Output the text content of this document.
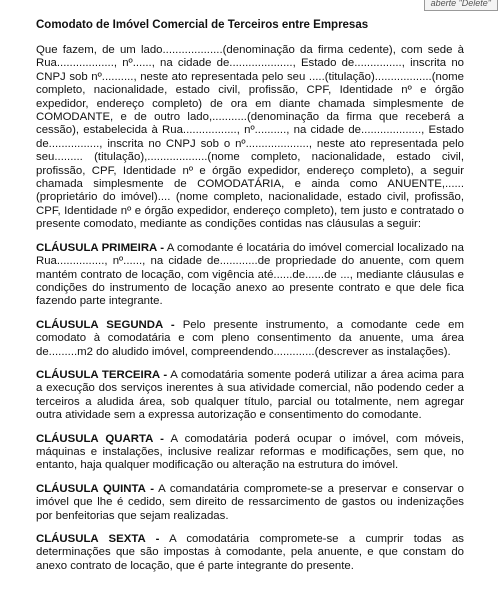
aberte "Delete"
Comodato de Imóvel Comercial de Terceiros entre Empresas

Que fazem, de um lado...................(denominação da firma cedente), com sede à Rua.................., nº......, na cidade de...................., Estado de..............., inscrita no CNPJ sob nº.........., neste ato representada pelo seu .....(titulação)..................(nome completo, nacionalidade, estado civil, profissão, CPF, Identidade nº e órgão expedidor, endereço completo) de ora em diante chamada simplesmente de COMODANTE, e de outro lado,...........(denominação da firma que receberá a cessão), estabelecida à Rua................., nº.........., na cidade de..................., Estado de................, inscrita no CNPJ sob o nº...................., neste ato representada pelo seu......... (titulação),...................(nome completo, nacionalidade, estado civil, profissão, CPF, Identidade nº e órgão expedidor, endereço completo), a seguir chamada simplesmente de COMODATÁRIA, e ainda como ANUENTE,...... (proprietário do imóvel).... (nome completo, nacionalidade, estado civil, profissão, CPF, Identidade nº e órgão expedidor, endereço completo), tem justo e contratado o presente comodato, mediante as condições contidas nas cláusulas a seguir:

CLÁUSULA PRIMEIRA - A comodante é locatária do imóvel comercial localizado na Rua..............., nº......, na cidade de............de propriedade do anuente, com quem mantém contrato de locação, com vigência até......de......de ..., mediante cláusulas e condições do instrumento de locação anexo ao presente contrato e que dele fica fazendo parte integrante.

CLÁUSULA SEGUNDA - Pelo presente instrumento, a comodante cede em comodato à comodatária e com pleno consentimento da anuente, uma área de.........m2 do aludido imóvel, compreendendo.............(descrever as instalações).

CLÁUSULA TERCEIRA - A comodatária somente poderá utilizar a área acima para a execução dos serviços inerentes à sua atividade comercial, não podendo ceder a terceiros a aludida área, sob qualquer título, parcial ou totalmente, nem agregar outra atividade sem a expressa autorização e consentimento do comodante.

CLÁUSULA QUARTA - A comodatária poderá ocupar o imóvel, com móveis, máquinas e instalações, inclusive realizar reformas e modificações, sem que, no entanto, haja qualquer modificação ou alteração na estrutura do imóvel.

CLÁUSULA QUINTA - A comandatária compromete-se a preservar e conservar o imóvel que lhe é cedido, sem direito de ressarcimento de gastos ou indenizações por benfeitorias que sejam realizadas.

CLÁUSULA SEXTA - A comodatária compromete-se a cumprir todas as determinações que são impostas à comodante, pela anuente, e que constam do anexo contrato de locação, que é parte integrante do presente.
